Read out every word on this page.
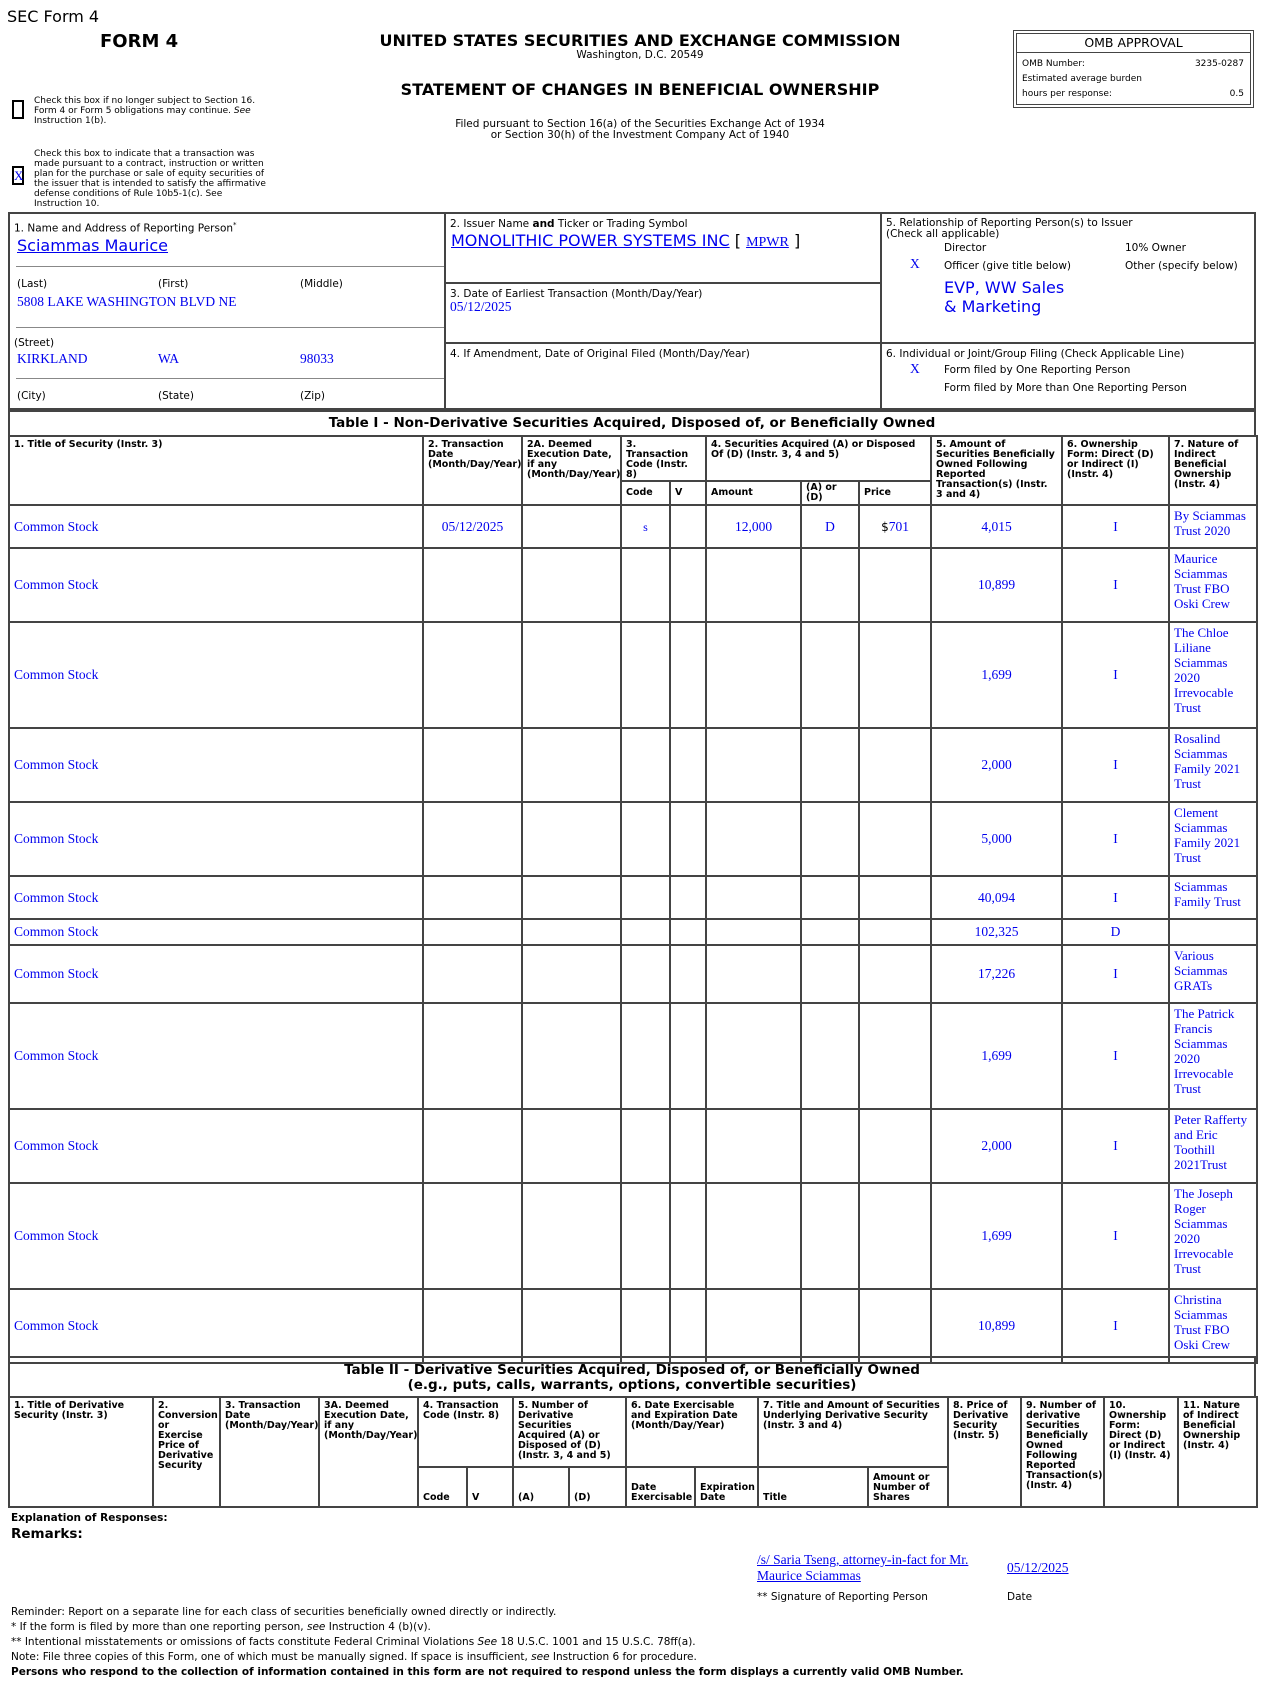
SEC Form 4
FORM 4	UNITED STATES SECURITIES AND EXCHANGE COMMISSION
Washington, D.C. 20549
STATEMENT OF CHANGES IN BENEFICIAL OWNERSHIP
Filed pursuant to Section 16(a) of the Securities Exchange Act of 1934
or Section 30(h) of the Investment Company Act of 1940
Check this box if no longer subject to Section 16.
Form 4 or Form 5 obligations may continue. See
Instruction 1(b).
X
Check this box to indicate that a transaction was
made pursuant to a contract, instruction or written
plan for the purchase or sale of equity securities of
the issuer that is intended to satisfy the affirmative
defense conditions of Rule 10b5-1(c). See
Instruction 10.
OMB APPROVAL
OMB Number:	3235-0287
Estimated average burden
hours per response:	0.5
1. Name and Address of Reporting Person*
Sciammas Maurice
(Last)	(First)	(Middle)
5808 LAKE WASHINGTON BLVD NE
(Street)
KIRKLAND	WA	98033
(City)	(State)	(Zip)
2. Issuer Name and Ticker or Trading Symbol
MONOLITHIC POWER SYSTEMS INC [ MPWR ]
3. Date of Earliest Transaction (Month/Day/Year)
05/12/2025
4. If Amendment, Date of Original Filed (Month/Day/Year)
5. Relationship of Reporting Person(s) to Issuer
(Check all applicable)
Director	10% Owner
X Officer (give title below)	Other (specify below)
EVP, WW Sales
& Marketing
6. Individual or Joint/Group Filing (Check Applicable Line)
X Form filed by One Reporting Person
Form filed by More than One Reporting Person
Table I - Non-Derivative Securities Acquired, Disposed of, or Beneficially Owned
1. Title of Security (Instr. 3)	2. Transaction Date (Month/Day/Year)	2A. Deemed Execution Date, if any (Month/Day/Year)	3. Transaction Code (Instr. 8)		4. Securities Acquired (A) or Disposed Of (D) (Instr. 3, 4 and 5)			5. Amount of Securities Beneficially Owned Following Reported Transaction(s) (Instr. 3 and 4)	6. Ownership Form: Direct (D) or Indirect (I) (Instr. 4)	7. Nature of Indirect Beneficial Ownership (Instr. 4)
			Code	V	Amount	(A) or (D)	Price			
Common Stock	05/12/2025		s		12,000	D	$701	4,015	I	By Sciammas Trust 2020
Common Stock								10,899	I	Maurice Sciammas Trust FBO Oski Crew
Common Stock								1,699	I	The Chloe Liliane Sciammas 2020 Irrevocable Trust
Common Stock								2,000	I	Rosalind Sciammas Family 2021 Trust
Common Stock								5,000	I	Clement Sciammas Family 2021 Trust
Common Stock								40,094	I	Sciammas Family Trust
Common Stock								102,325	D	
Common Stock								17,226	I	Various Sciammas GRATs
Common Stock								1,699	I	The Patrick Francis Sciammas 2020 Irrevocable Trust
Common Stock								2,000	I	Peter Rafferty and Eric Toothill 2021Trust
Common Stock								1,699	I	The Joseph Roger Sciammas 2020 Irrevocable Trust
Common Stock								10,899	I	Christina Sciammas Trust FBO Oski Crew
Table II - Derivative Securities Acquired, Disposed of, or Beneficially Owned
(e.g., puts, calls, warrants, options, convertible securities)
1. Title of Derivative Security (Instr. 3)	2. Conversion or Exercise Price of Derivative Security	3. Transaction Date (Month/Day/Year)	3A. Deemed Execution Date, if any (Month/Day/Year)	4. Transaction Code (Instr. 8)		5. Number of Derivative Securities Acquired (A) or Disposed of (D) (Instr. 3, 4 and 5)		6. Date Exercisable and Expiration Date (Month/Day/Year)		7. Title and Amount of Securities Underlying Derivative Security (Instr. 3 and 4)		8. Price of Derivative Security (Instr. 5)	9. Number of derivative Securities Beneficially Owned Following Reported Transaction(s) (Instr. 4)	10. Ownership Form: Direct (D) or Indirect (I) (Instr. 4)	11. Nature of Indirect Beneficial Ownership (Instr. 4)
				Code	V	(A)	(D)	Date Exercisable	Expiration Date	Title	Amount or Number of Shares				
Explanation of Responses:
Remarks:
/s/ Saria Tseng, attorney-in-fact for Mr.
Maurice Sciammas
05/12/2025
** Signature of Reporting Person	Date
Reminder: Report on a separate line for each class of securities beneficially owned directly or indirectly.
* If the form is filed by more than one reporting person, see Instruction 4 (b)(v).
** Intentional misstatements or omissions of facts constitute Federal Criminal Violations See 18 U.S.C. 1001 and 15 U.S.C. 78ff(a).
Note: File three copies of this Form, one of which must be manually signed. If space is insufficient, see Instruction 6 for procedure.
Persons who respond to the collection of information contained in this form are not required to respond unless the form displays a currently valid OMB Number.
